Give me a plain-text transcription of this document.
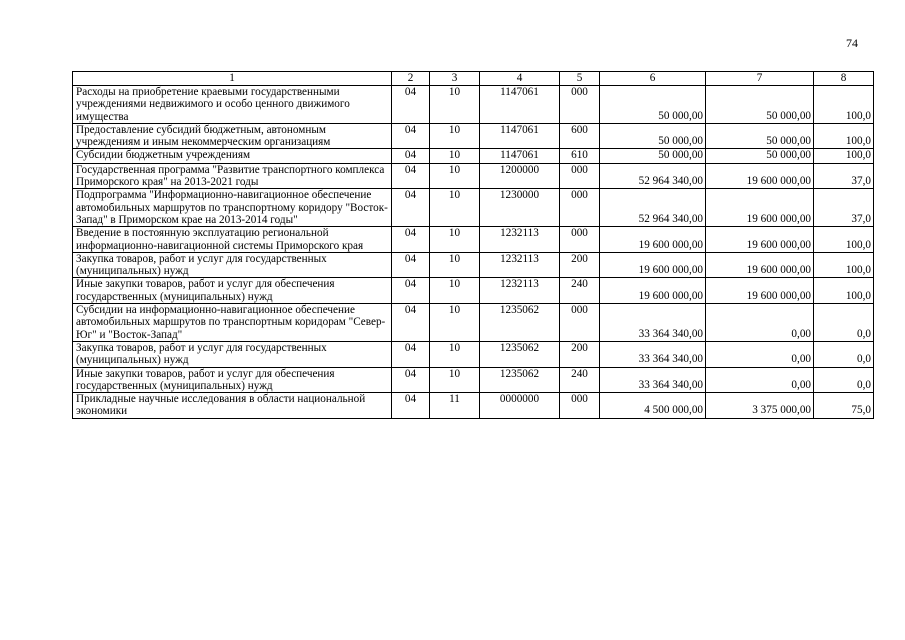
74
1	2	3	4	5	6	7	8
Расходы на приобретение краевыми государственными учреждениями недвижимого и особо ценного движимого имущества	04	10	1147061	000	50 000,00	50 000,00	100,0
Предоставление субсидий бюджетным, автономным учреждениям и иным некоммерческим организациям	04	10	1147061	600	50 000,00	50 000,00	100,0
Субсидии бюджетным учреждениям	04	10	1147061	610	50 000,00	50 000,00	100,0
Государственная программа "Развитие транспортного комплекса Приморского края" на 2013-2021 годы	04	10	1200000	000	52 964 340,00	19 600 000,00	37,0
Подпрограмма "Информационно-навигационное обеспечение автомобильных маршрутов по транспортному коридору "Восток-Запад" в Приморском крае на 2013-2014 годы"	04	10	1230000	000	52 964 340,00	19 600 000,00	37,0
Введение в постоянную эксплуатацию региональной информационно-навигационной системы Приморского края	04	10	1232113	000	19 600 000,00	19 600 000,00	100,0
Закупка товаров, работ и услуг для государственных (муниципальных) нужд	04	10	1232113	200	19 600 000,00	19 600 000,00	100,0
Иные закупки товаров, работ и услуг для обеспечения государственных (муниципальных) нужд	04	10	1232113	240	19 600 000,00	19 600 000,00	100,0
Субсидии на информационно-навигационное обеспечение автомобильных маршрутов по транспортным коридорам "Север-Юг" и "Восток-Запад"	04	10	1235062	000	33 364 340,00	0,00	0,0
Закупка товаров, работ и услуг для государственных (муниципальных) нужд	04	10	1235062	200	33 364 340,00	0,00	0,0
Иные закупки товаров, работ и услуг для обеспечения государственных (муниципальных) нужд	04	10	1235062	240	33 364 340,00	0,00	0,0
Прикладные научные исследования в области национальной экономики	04	11	0000000	000	4 500 000,00	3 375 000,00	75,0
